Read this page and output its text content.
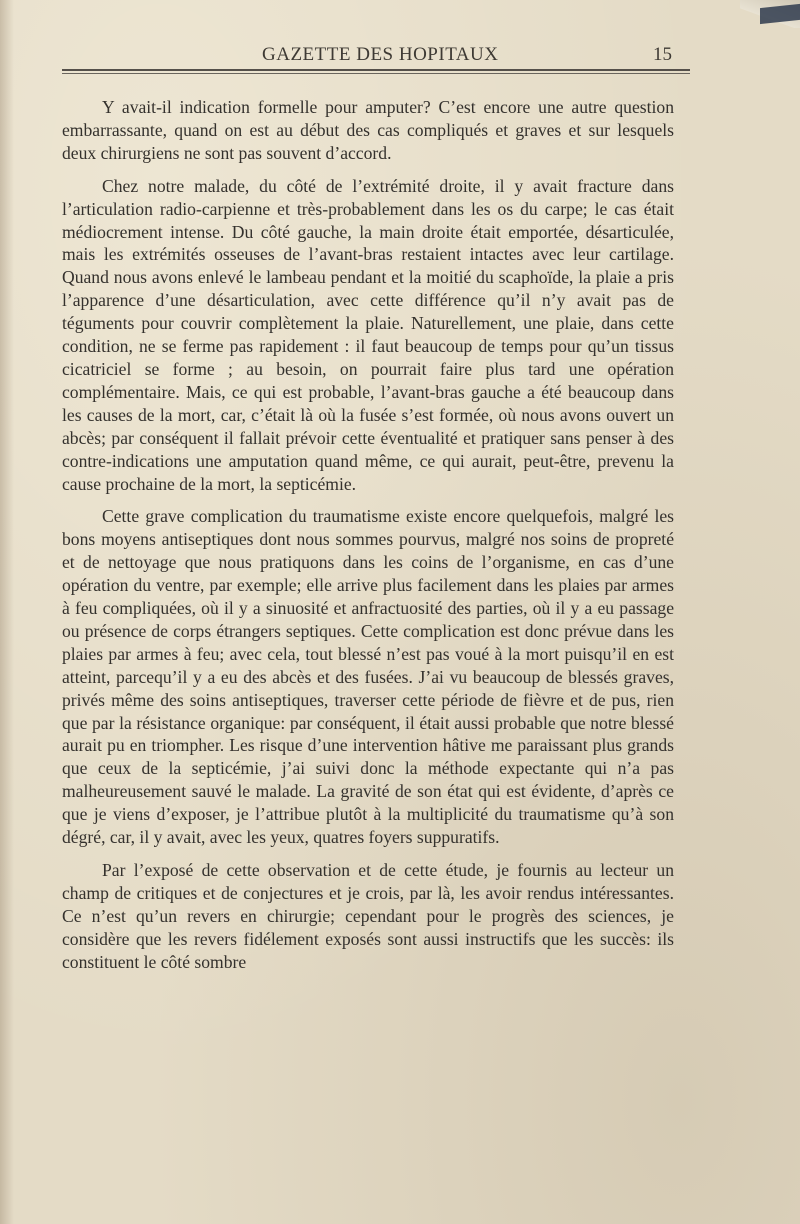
GAZETTE DES HOPITAUX	15

Y avait-il indication formelle pour amputer? C’est encore une autre question embarrassante, quand on est au début des cas compliqués et graves et sur lesquels deux chirurgiens ne sont pas souvent d’accord.

Chez notre malade, du côté de l’extrémité droite, il y avait fracture dans l’articulation radio-carpienne et très-probablement dans les os du carpe; le cas était médiocrement intense. Du côté gauche, la main droite était emportée, désarticulée, mais les extrémités osseuses de l’avant-bras restaient intactes avec leur cartilage. Quand nous avons enlevé le lambeau pendant et la moitié du scaphoïde, la plaie a pris l’apparence d’une désarticulation, avec cette différence qu’il n’y avait pas de téguments pour couvrir complètement la plaie. Naturellement, une plaie, dans cette condition, ne se ferme pas rapidement : il faut beaucoup de temps pour qu’un tissus cicatriciel se forme ; au besoin, on pourrait faire plus tard une opération complémentaire. Mais, ce qui est probable, l’avant-bras gauche a été beaucoup dans les causes de la mort, car, c’était là où la fusée s’est formée, où nous avons ouvert un abcès; par conséquent il fallait prévoir cette éventualité et pratiquer sans penser à des contre-indications une amputation quand même, ce qui aurait, peut-être, prevenu la cause prochaine de la mort, la septicémie.

Cette grave complication du traumatisme existe encore quelquefois, malgré les bons moyens antiseptiques dont nous sommes pourvus, malgré nos soins de propreté et de nettoyage que nous pratiquons dans les coins de l’organisme, en cas d’une opération du ventre, par exemple; elle arrive plus facilement dans les plaies par armes à feu compliquées, où il y a sinuosité et anfractuosité des parties, où il y a eu passage ou présence de corps étrangers septiques. Cette complication est donc prévue dans les plaies par armes à feu; avec cela, tout blessé n’est pas voué à la mort puisqu’il en est atteint, parcequ’il y a eu des abcès et des fusées. J’ai vu beaucoup de blessés graves, privés même des soins antiseptiques, traverser cette période de fièvre et de pus, rien que par la résistance organique: par conséquent, il était aussi probable que notre blessé aurait pu en triompher. Les risque d’une intervention hâtive me paraissant plus grands que ceux de la septicémie, j’ai suivi donc la méthode expectante qui n’a pas malheureusement sauvé le malade. La gravité de son état qui est évidente, d’après ce que je viens d’exposer, je l’attribue plutôt à la multiplicité du traumatisme qu’à son dégré, car, il y avait, avec les yeux, quatres foyers suppuratifs.

Par l’exposé de cette observation et de cette étude, je fournis au lecteur un champ de critiques et de conjectures et je crois, par là, les avoir rendus intéressantes. Ce n’est qu’un revers en chirurgie; cependant pour le progrès des sciences, je considère que les revers fidélement exposés sont aussi instructifs que les succès: ils constituent le côté sombre
